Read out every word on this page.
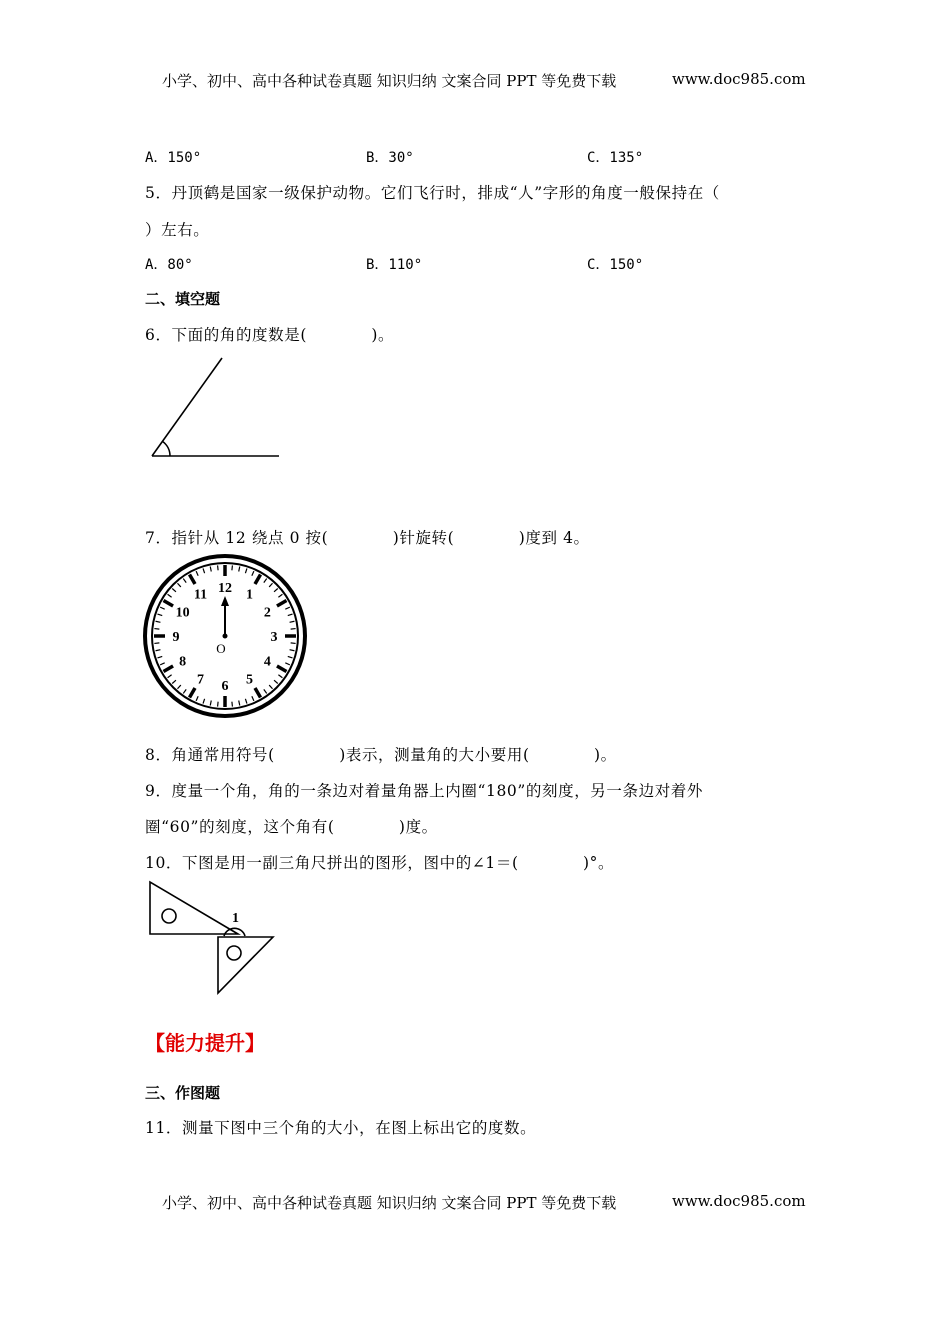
小学、初中、高中各种试卷真题 知识归纳 文案合同 PPT 等免费下载	www.doc985.com
A．150°	B．30°	C．135°
5．丹顶鹤是国家一级保护动物。它们飞行时，排成“人”字形的角度一般保持在（
）左右。
A．80°	B．110°	C．150°
二、填空题
6．下面的角的度数是(　　　　)。
7．指针从 12 绕点 0 按(　　　　)针旋转(　　　　)度到 4。
12 1
2
3
4
5
6
7
8
9
10
11
O
8．角通常用符号(　　　　)表示，测量角的大小要用(　　　　)。
9．度量一个角，角的一条边对着量角器上内圈“180”的刻度，另一条边对着外
圈“60”的刻度，这个角有(　　　　)度。
10．下图是用一副三角尺拼出的图形，图中的∠1＝(　　　　)°。
1
【能力提升】
三、作图题
11．测量下图中三个角的大小，在图上标出它的度数。
小学、初中、高中各种试卷真题 知识归纳 文案合同 PPT 等免费下载	www.doc985.com
